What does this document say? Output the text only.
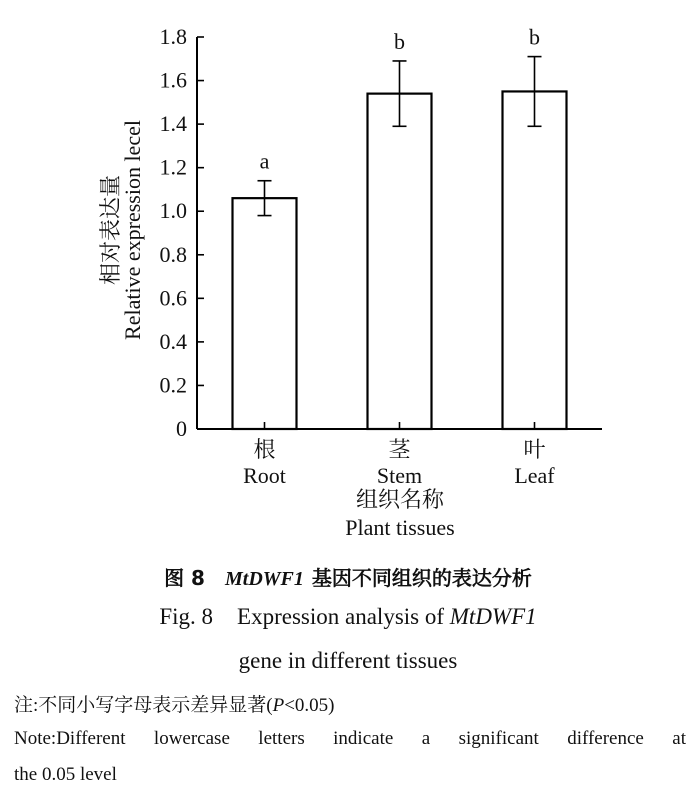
相对表达量
Relative expression lecel
0
0.2
0.4
0.6
0.8
1.0
1.2
1.4
1.6
1.8
a
b	b
根
Root
茎
Stem
叶
Leaf
组织名称
Plant tissues
图 8 MtDWF1 基因不同组织的表达分析
Fig. 8 Expression analysis of MtDWF1
gene in different tissues
注:不同小写字母表示差异显著(P<0.05)
Note:Different lowercase letters indicate a significant difference at
the 0.05 level
